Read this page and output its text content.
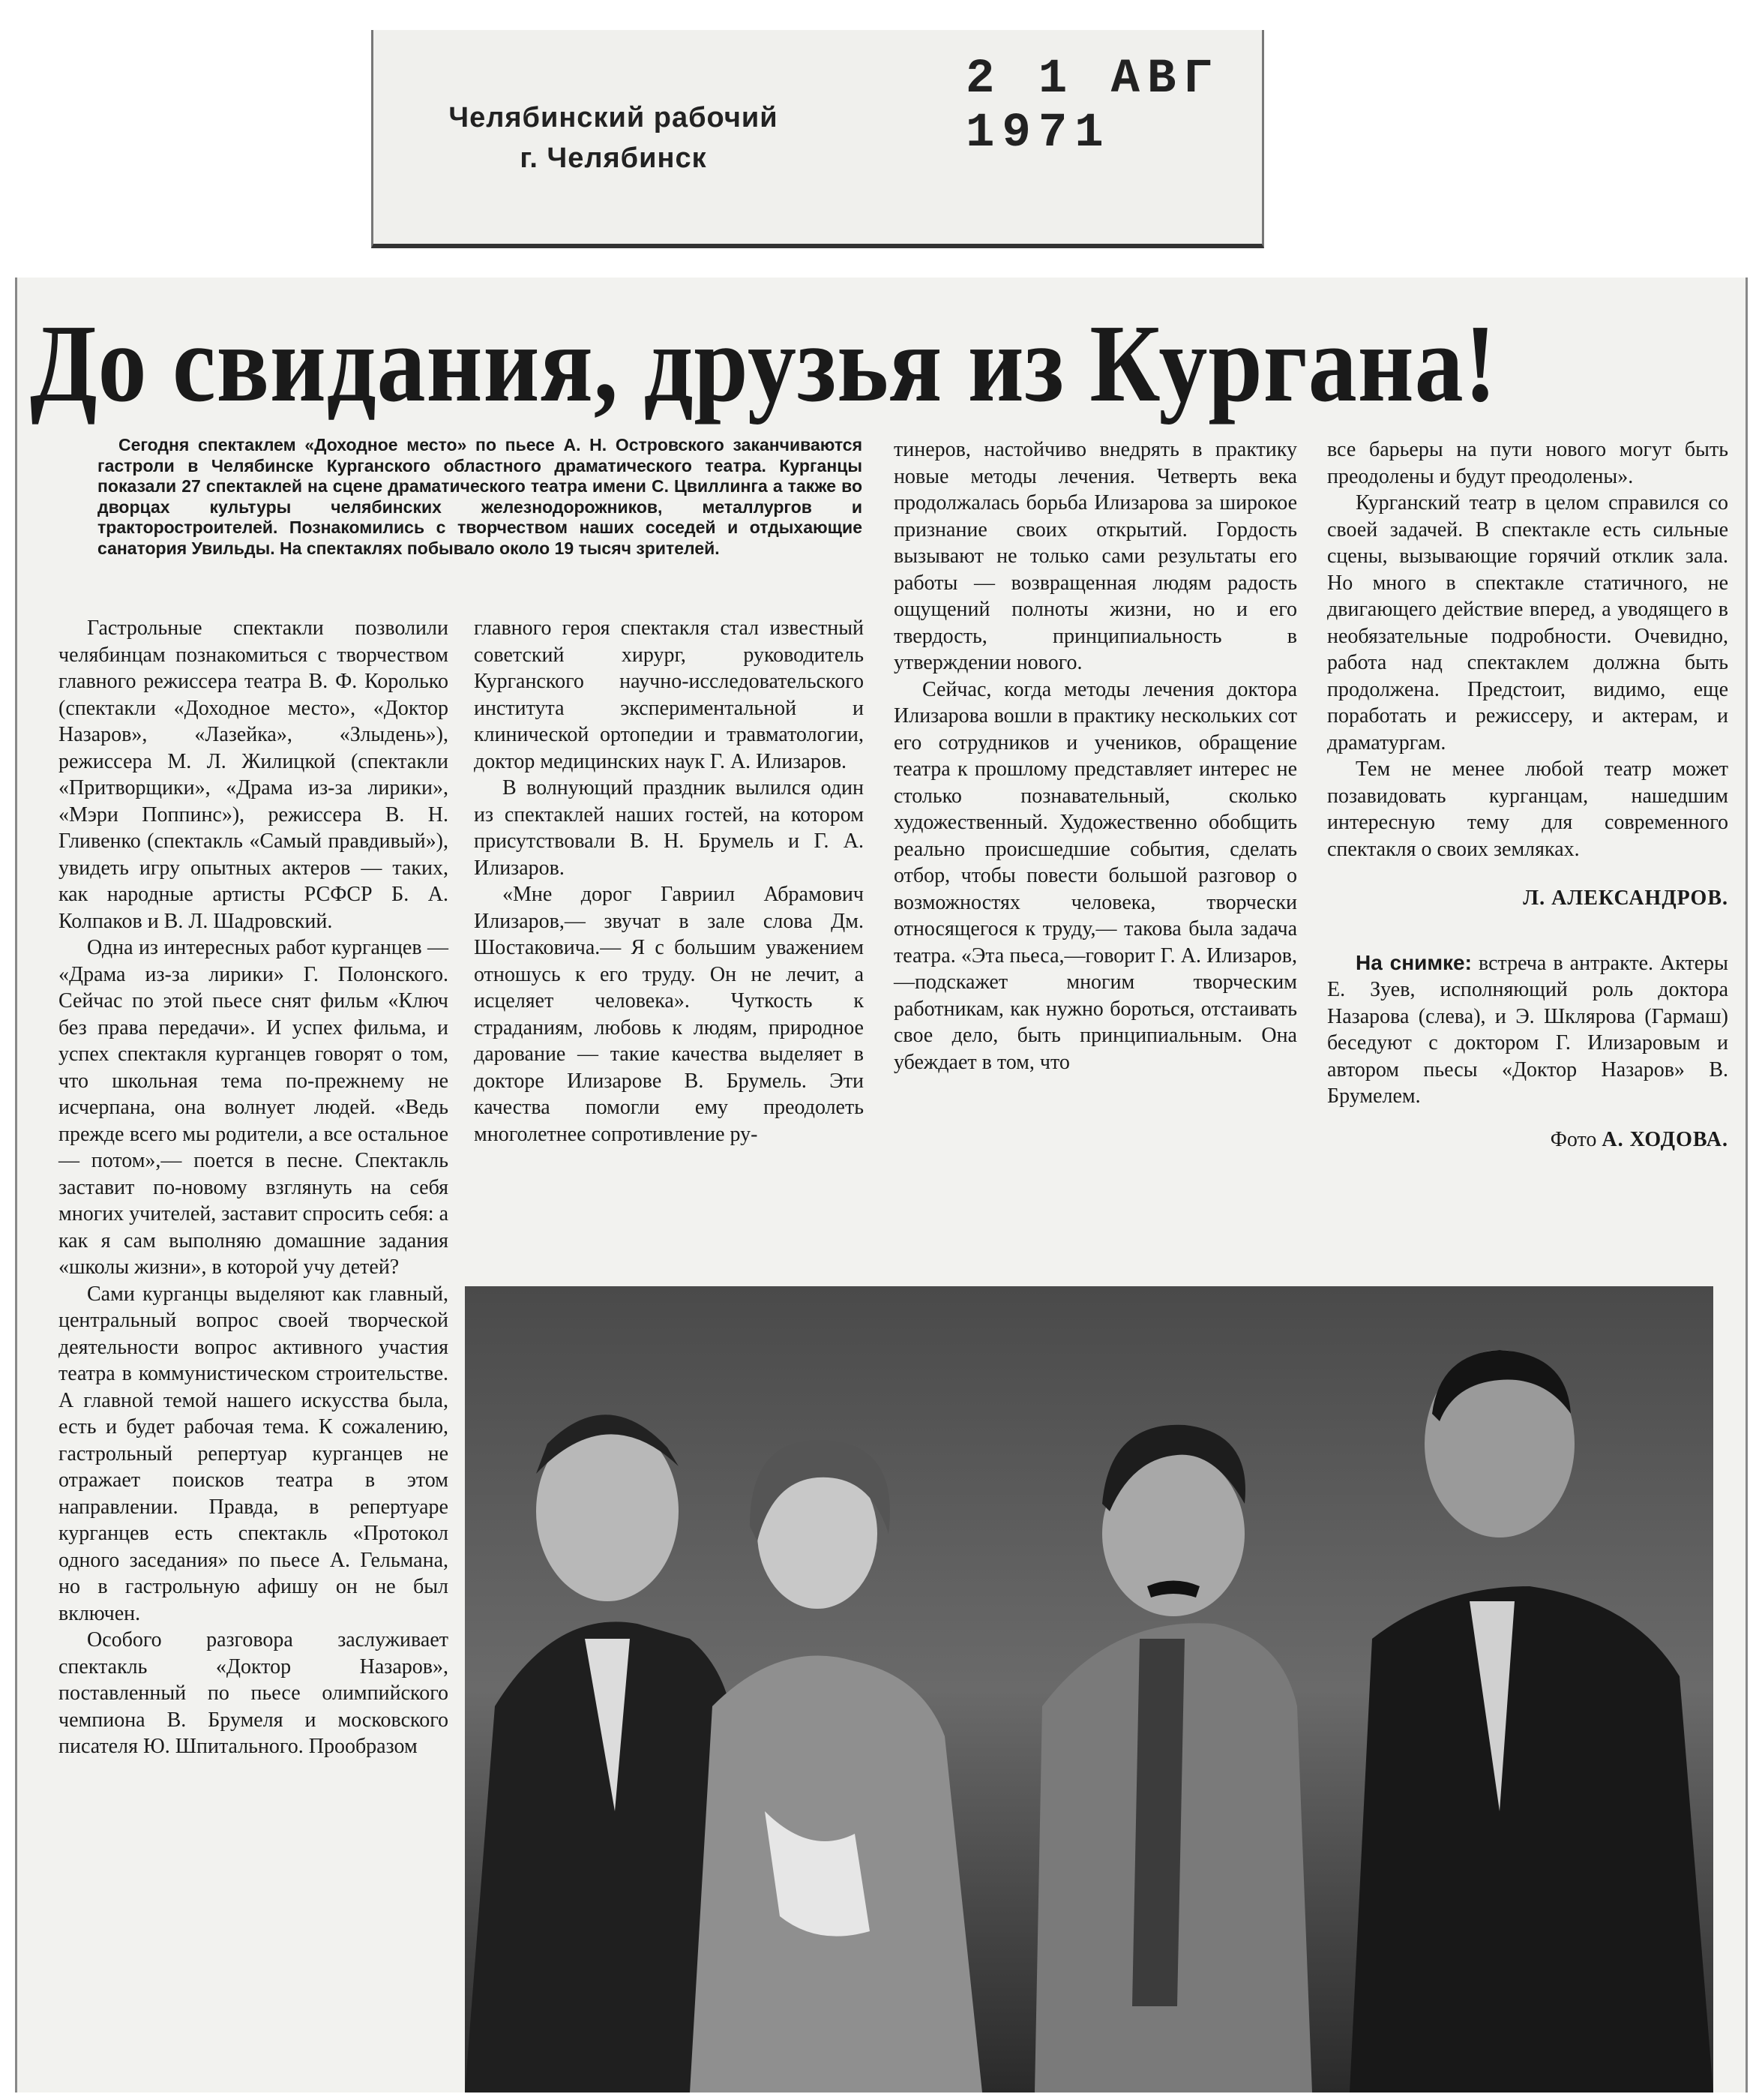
Челябинский рабочий
г. Челябинск
2 1 АВГ 1971
До свидания, друзья из Кургана!

Сегодня спектаклем «Доходное место» по пьесе А. Н. Островского заканчиваются гастроли в Челябинске Курганского областного драматического театра. Курганцы показали 27 спектаклей на сцене драматического театра имени С. Цвиллинга а также во дворцах культуры челябинских железнодорожников, металлургов и тракторостроителей. Познакомились с творчеством наших соседей и отдыхающие санатория Увильды. На спектаклях побывало около 19 тысяч зрителей.

Гастрольные спектакли позволили челябинцам познакомиться с творчеством главного режиссера театра В. Ф. Королько (спектакли «Доходное место», «Доктор Назаров», «Лазейка», «Злыдень»), режиссера М. Л. Жилицкой (спектакли «Притворщики», «Драма из-за лирики», «Мэри Поппинс»), режиссера В. Н. Гливенко (спектакль «Самый правдивый»), увидеть игру опытных актеров — таких, как народные артисты РСФСР Б. А. Колпаков и В. Л. Шадровский.

Одна из интересных работ курганцев — «Драма из-за лирики» Г. Полонского. Сейчас по этой пьесе снят фильм «Ключ без права передачи». И успех фильма, и успех спектакля курганцев говорят о том, что школьная тема по-прежнему не исчерпана, она волнует людей. «Ведь прежде всего мы родители, а все остальное — потом»,— поется в песне. Спектакль заставит по-новому взглянуть на себя многих учителей, заставит спросить себя: а как я сам выполняю домашние задания «школы жизни», в которой учу детей?

Сами курганцы выделяют как главный, центральный вопрос своей творческой деятельности вопрос активного участия театра в коммунистическом строительстве. А главной темой нашего искусства была, есть и будет рабочая тема. К сожалению, гастрольный репертуар курганцев не отражает поисков театра в этом направлении. Правда, в репертуаре курганцев есть спектакль «Протокол одного заседания» по пьесе А. Гельмана, но в гастрольную афишу он не был включен.

Особого разговора заслуживает спектакль «Доктор Назаров», поставленный по пьесе олимпийского чемпиона В. Брумеля и московского писателя Ю. Шпитального. Прообразом

главного героя спектакля стал известный советский хирург, руководитель Курганского научно-исследовательского института экспериментальной и клинической ортопедии и травматологии, доктор медицинских наук Г. А. Илизаров.

В волнующий праздник вылился один из спектаклей наших гостей, на котором присутствовали В. Н. Брумель и Г. А. Илизаров.

«Мне дорог Гавриил Абрамович Илизаров,— звучат в зале слова Дм. Шостаковича.— Я с большим уважением отношусь к его труду. Он не лечит, а исцеляет человека». Чуткость к страданиям, любовь к людям, природное дарование — такие качества выделяет в докторе Илизарове В. Брумель. Эти качества помогли ему преодолеть многолетнее сопротивление ру-

тинеров, настойчиво внедрять в практику новые методы лечения. Четверть века продолжалась борьба Илизарова за широкое признание своих открытий. Гордость вызывают не только сами результаты его работы — возвращенная людям радость ощущений полноты жизни, но и его твердость, принципиальность в утверждении нового.

Сейчас, когда методы лечения доктора Илизарова вошли в практику нескольких сот его сотрудников и учеников, обращение театра к прошлому представляет интерес не столько познавательный, сколько художественный. Художественно обобщить реально происшедшие события, сделать отбор, чтобы повести большой разговор о возможностях человека, творчески относящегося к труду,— такова была задача театра. «Эта пьеса,—говорит Г. А. Илизаров,—подскажет многим творческим работникам, как нужно бороться, отстаивать свое дело, быть принципиальным. Она убеждает в том, что

все барьеры на пути нового могут быть преодолены и будут преодолены».

Курганский театр в целом справился со своей задачей. В спектакле есть сильные сцены, вызывающие горячий отклик зала. Но много в спектакле статичного, не двигающего действие вперед, а уводящего в необязательные подробности. Очевидно, работа над спектаклем должна быть продолжена. Предстоит, видимо, еще поработать и режиссеру, и актерам, и драматургам.

Тем не менее любой театр может позавидовать курганцам, нашедшим интересную тему для современного спектакля о своих земляках.

Л. АЛЕКСАНДРОВ.

На снимке: встреча в антракте. Актеры Е. Зуев, исполняющий роль доктора Назарова (слева), и Э. Шклярова (Гармаш) беседуют с доктором Г. Илизаровым и автором пьесы «Доктор Назаров» В. Брумелем.

Фото А. ХОДОВА.
